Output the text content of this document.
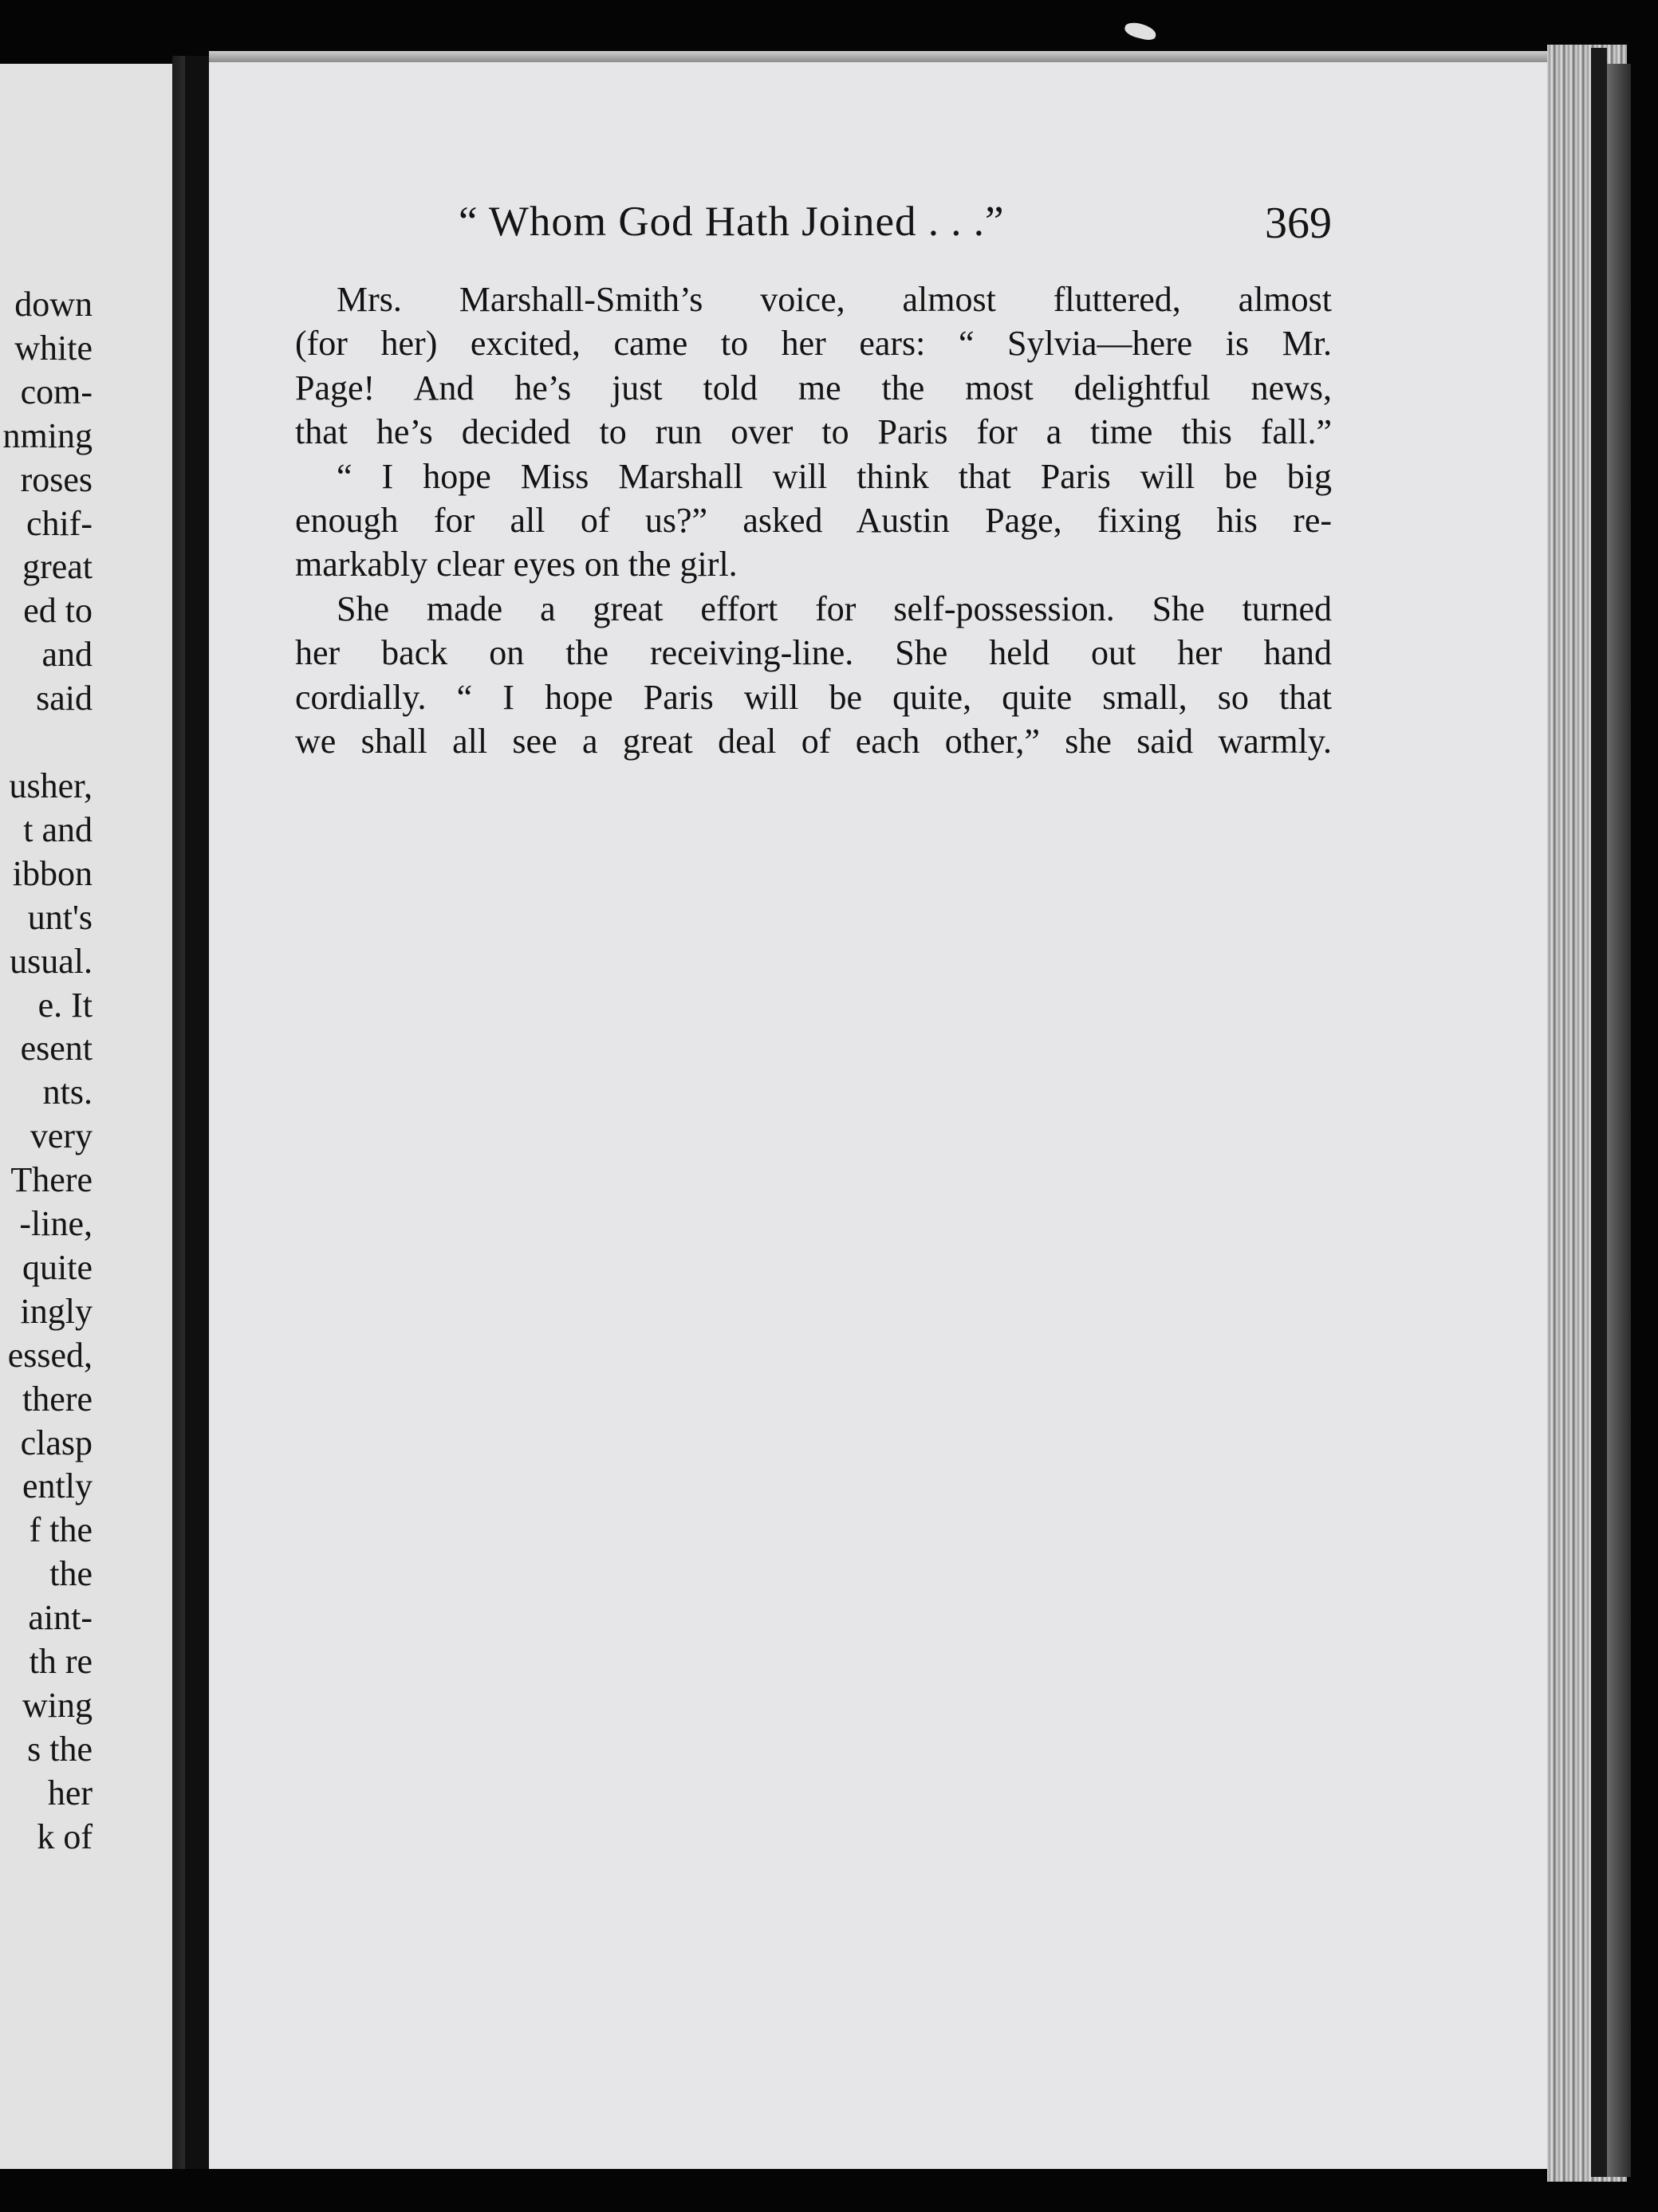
down
white
com-
nming
roses
chif-
great
ed to
and
said

usher,
t and
ibbon
unt's
usual.
e. It
esent
nts.
very
There
-line,
quite
ingly
essed,
there
clasp
ently
f the
the
aint-
th re
wing
s the
her
k of
“ Whom God Hath Joined . . .”	369

Mrs. Marshall-Smith’s voice, almost fluttered, almost
(for her) excited, came to her ears: “ Sylvia—here is Mr.
Page! And he’s just told me the most delightful news,
that he’s decided to run over to Paris for a time this fall.”

“ I hope Miss Marshall will think that Paris will be big
enough for all of us?” asked Austin Page, fixing his re-
markably clear eyes on the girl.

She made a great effort for self-possession. She turned
her back on the receiving-line. She held out her hand
cordially. “ I hope Paris will be quite, quite small, so that
we shall all see a great deal of each other,” she said warmly.
